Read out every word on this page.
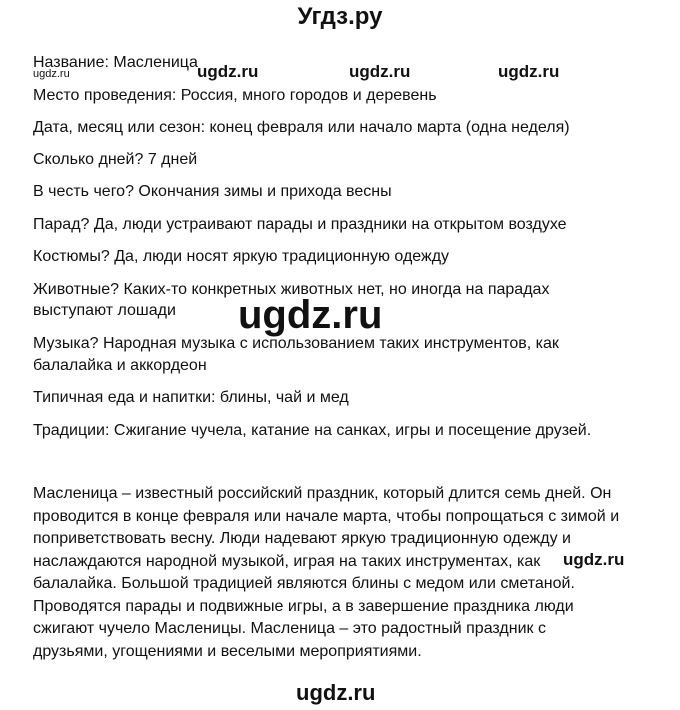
Угдз.ру
Название: Масленица
ugdz.ru	ugdz.ru	ugdz.ru	ugdz.ru
Место проведения: Россия, много городов и деревень
Дата, месяц или сезон: конец февраля или начало марта (одна неделя)
Сколько дней? 7 дней
В честь чего? Окончания зимы и прихода весны
Парад? Да, люди устраивают парады и праздники на открытом воздухе
Костюмы? Да, люди носят яркую традиционную одежду
Животные? Каких-то конкретных животных нет, но иногда на парадах
выступают лошади ugdz.ru
Музыка? Народная музыка с использованием таких инструментов, как
балалайка и аккордеон
Типичная еда и напитки: блины, чай и мед
Традиции: Сжигание чучела, катание на санках, игры и посещение друзей.
Масленица – известный российский праздник, который длится семь дней. Он
проводится в конце февраля или начале марта, чтобы попрощаться с зимой и
поприветствовать весну. Люди надевают яркую традиционную одежду и
наслаждаются народной музыкой, играя на таких инструментах, как
балалайка. Большой традицией являются блины с медом или сметаной.
Проводятся парады и подвижные игры, а в завершение праздника люди
сжигают чучело Масленицы. Масленица – это радостный праздник с
друзьями, угощениями и веселыми мероприятиями.
ugdz.ru
ugdz.ru
